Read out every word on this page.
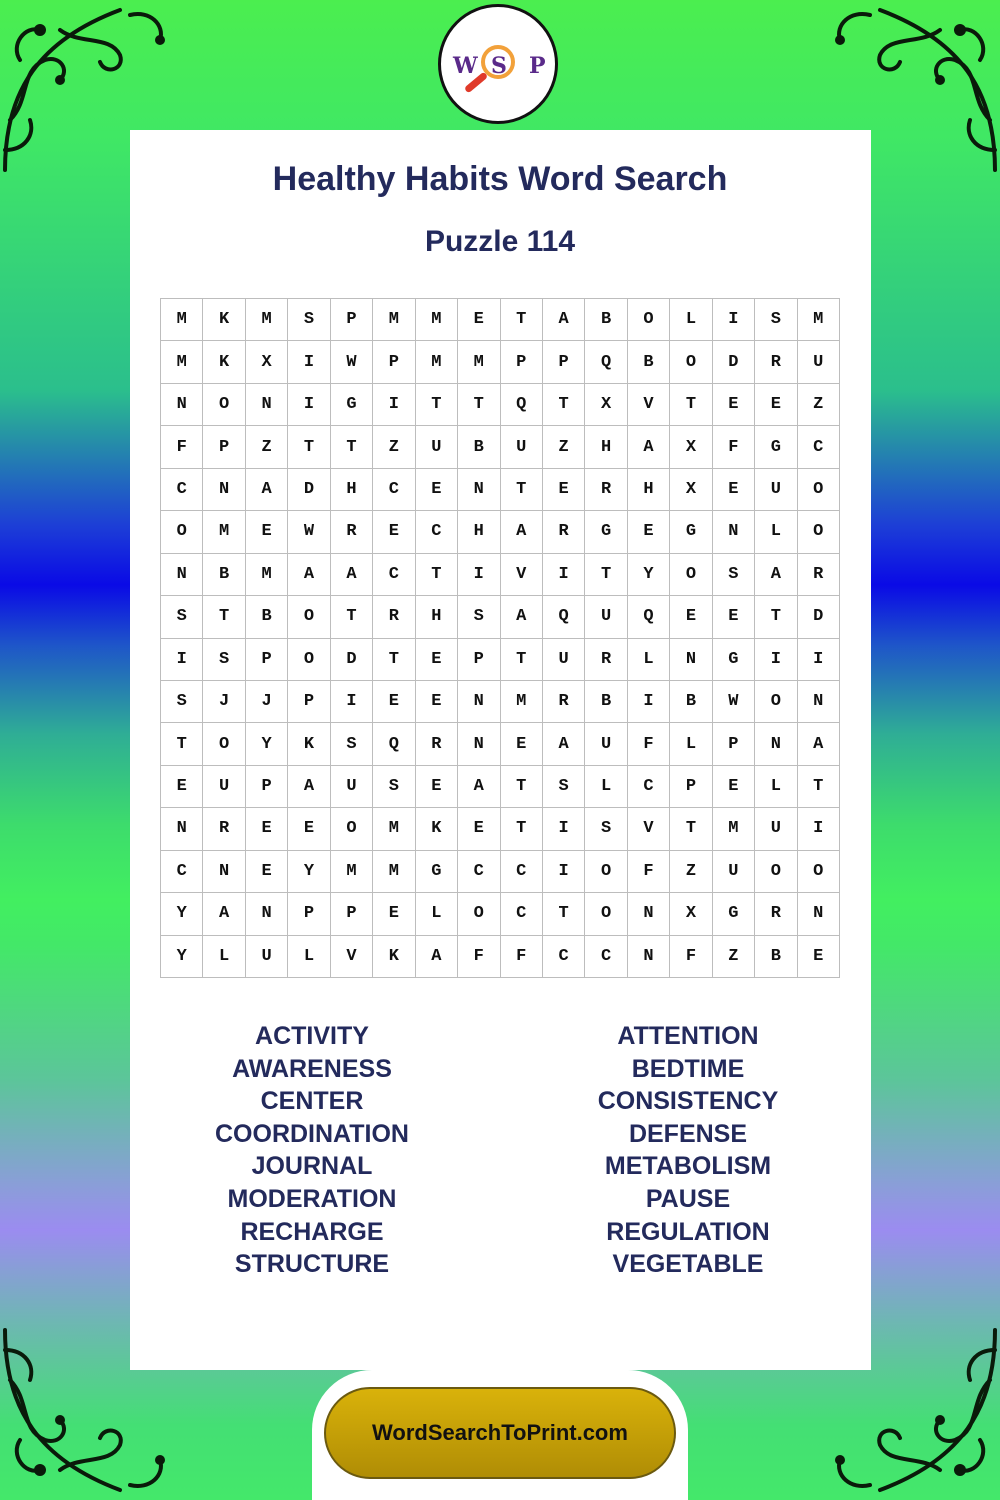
W S P
Healthy Habits Word Search
Puzzle 114
M	K	M	S	P	M	M	E	T	A	B	O	L	I	S	M
M	K	X	I	W	P	M	M	P	P	Q	B	O	D	R	U
N	O	N	I	G	I	T	T	Q	T	X	V	T	E	E	Z
F	P	Z	T	T	Z	U	B	U	Z	H	A	X	F	G	C
C	N	A	D	H	C	E	N	T	E	R	H	X	E	U	O
O	M	E	W	R	E	C	H	A	R	G	E	G	N	L	O
N	B	M	A	A	C	T	I	V	I	T	Y	O	S	A	R
S	T	B	O	T	R	H	S	A	Q	U	Q	E	E	T	D
I	S	P	O	D	T	E	P	T	U	R	L	N	G	I	I
S	J	J	P	I	E	E	N	M	R	B	I	B	W	O	N
T	O	Y	K	S	Q	R	N	E	A	U	F	L	P	N	A
E	U	P	A	U	S	E	A	T	S	L	C	P	E	L	T
N	R	E	E	O	M	K	E	T	I	S	V	T	M	U	I
C	N	E	Y	M	M	G	C	C	I	O	F	Z	U	O	O
Y	A	N	P	P	E	L	O	C	T	O	N	X	G	R	N
Y	L	U	L	V	K	A	F	F	C	C	N	F	Z	B	E
ACTIVITY
AWARENESS
CENTER
COORDINATION
JOURNAL
MODERATION
RECHARGE
STRUCTURE
ATTENTION
BEDTIME
CONSISTENCY
DEFENSE
METABOLISM
PAUSE
REGULATION
VEGETABLE
WordSearchToPrint.com
